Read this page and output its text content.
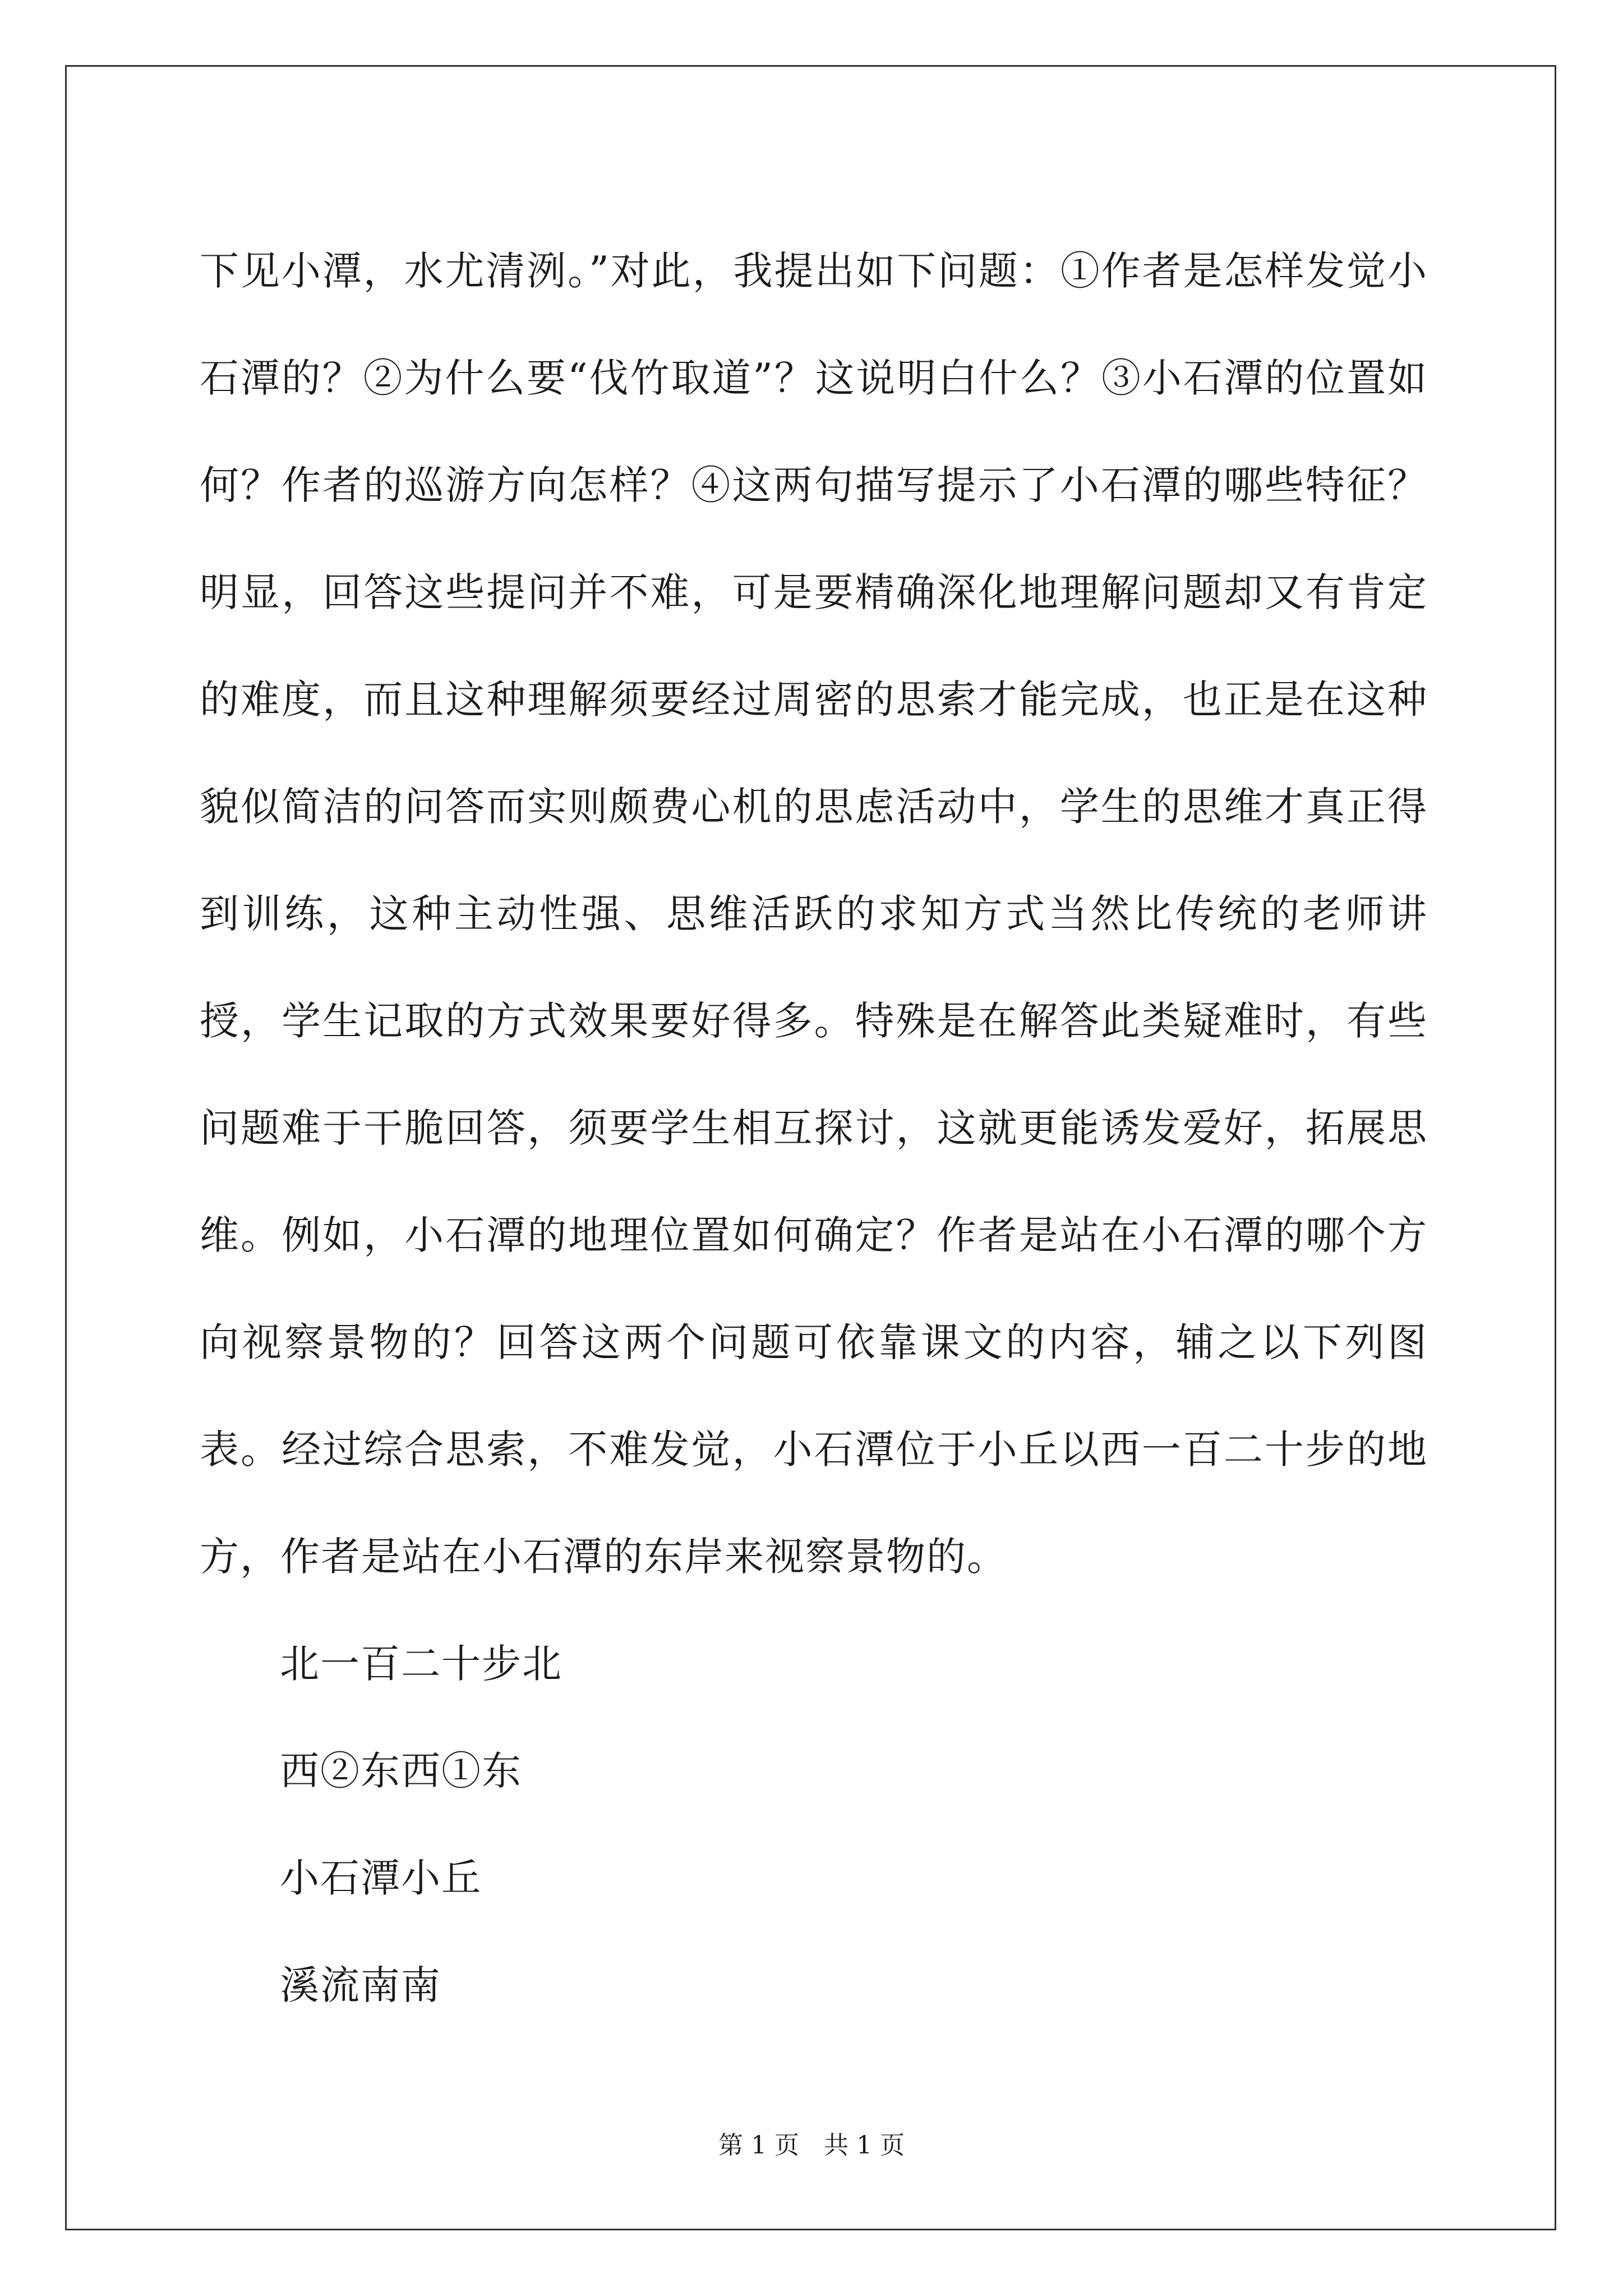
下见小潭，水尤清洌。”对此，我提出如下问题：①作者是怎样发觉小石潭的？②为什么要“伐竹取道”？这说明白什么？③小石潭的位置如何？作者的巡游方向怎样？④这两句描写提示了小石潭的哪些特征？明显，回答这些提问并不难，可是要精确深化地理解问题却又有肯定的难度，而且这种理解须要经过周密的思索才能完成，也正是在这种貌似简洁的问答而实则颇费心机的思虑活动中，学生的思维才真正得到训练，这种主动性强、思维活跃的求知方式当然比传统的老师讲授，学生记取的方式效果要好得多。特殊是在解答此类疑难时，有些问题难于干脆回答，须要学生相互探讨，这就更能诱发爱好，拓展思维。例如，小石潭的地理位置如何确定？作者是站在小石潭的哪个方向视察景物的？回答这两个问题可依靠课文的内容，辅之以下列图表。经过综合思索，不难发觉，小石潭位于小丘以西一百二十步的地方，作者是站在小石潭的东岸来视察景物的。

北一百二十步北

西②东西①东

小石潭小丘

溪流南南

第 1 页　共 1 页
